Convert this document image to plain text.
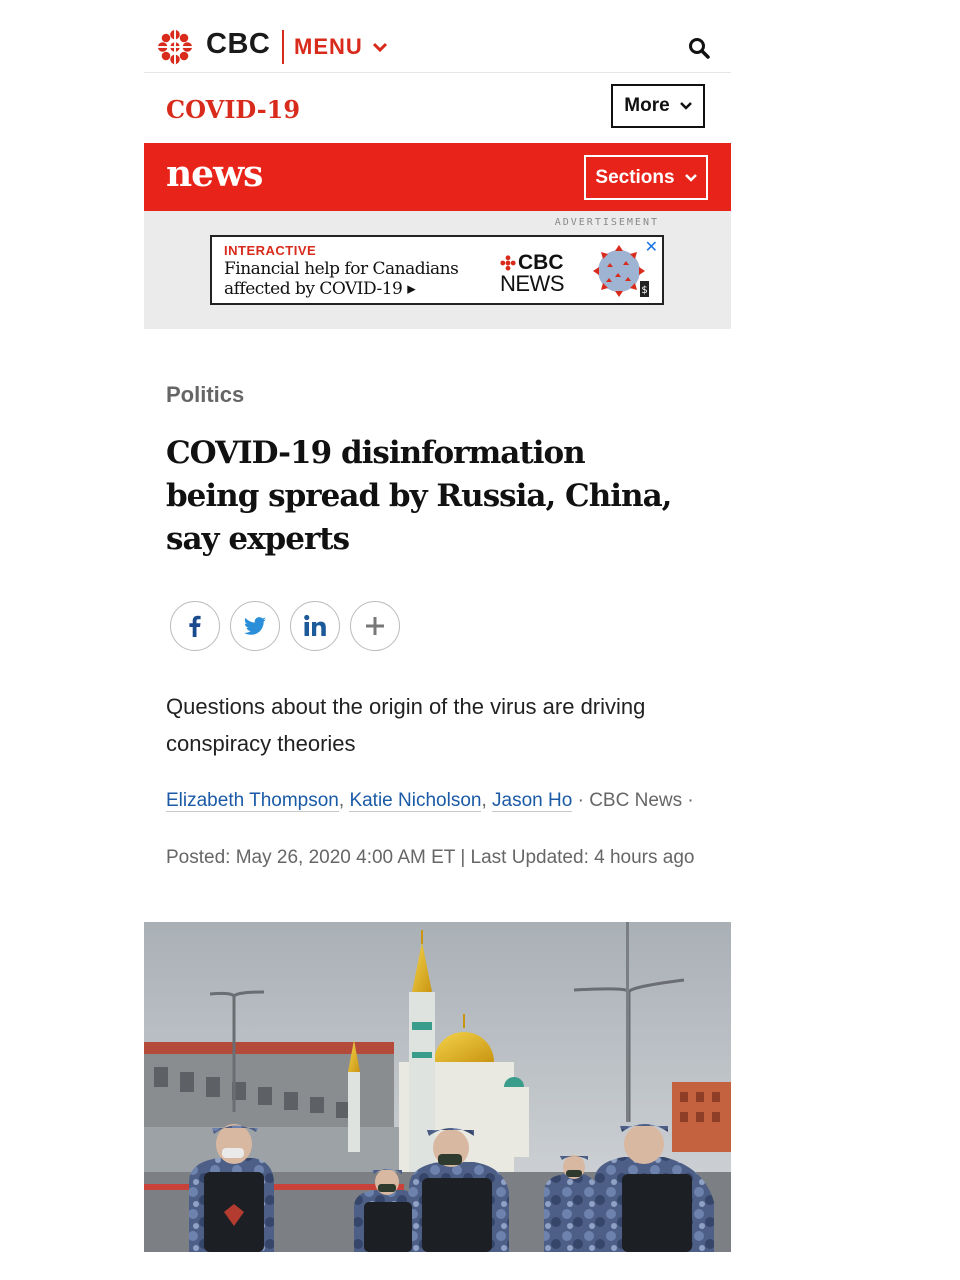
CBC MENU
COVID-19	More
news	Sections
ADVERTISEMENT
INTERACTIVE
Financial help for Canadians affected by COVID-19 ▸
CBC
NEWS	$
✕
Politics
COVID-19 disinformation being spread by Russia, China, say experts

Questions about the origin of the virus are driving conspiracy theories

Elizabeth Thompson, Katie Nicholson, Jason Ho · CBC News ·
Posted: May 26, 2020 4:00 AM ET | Last Updated: 4 hours ago
